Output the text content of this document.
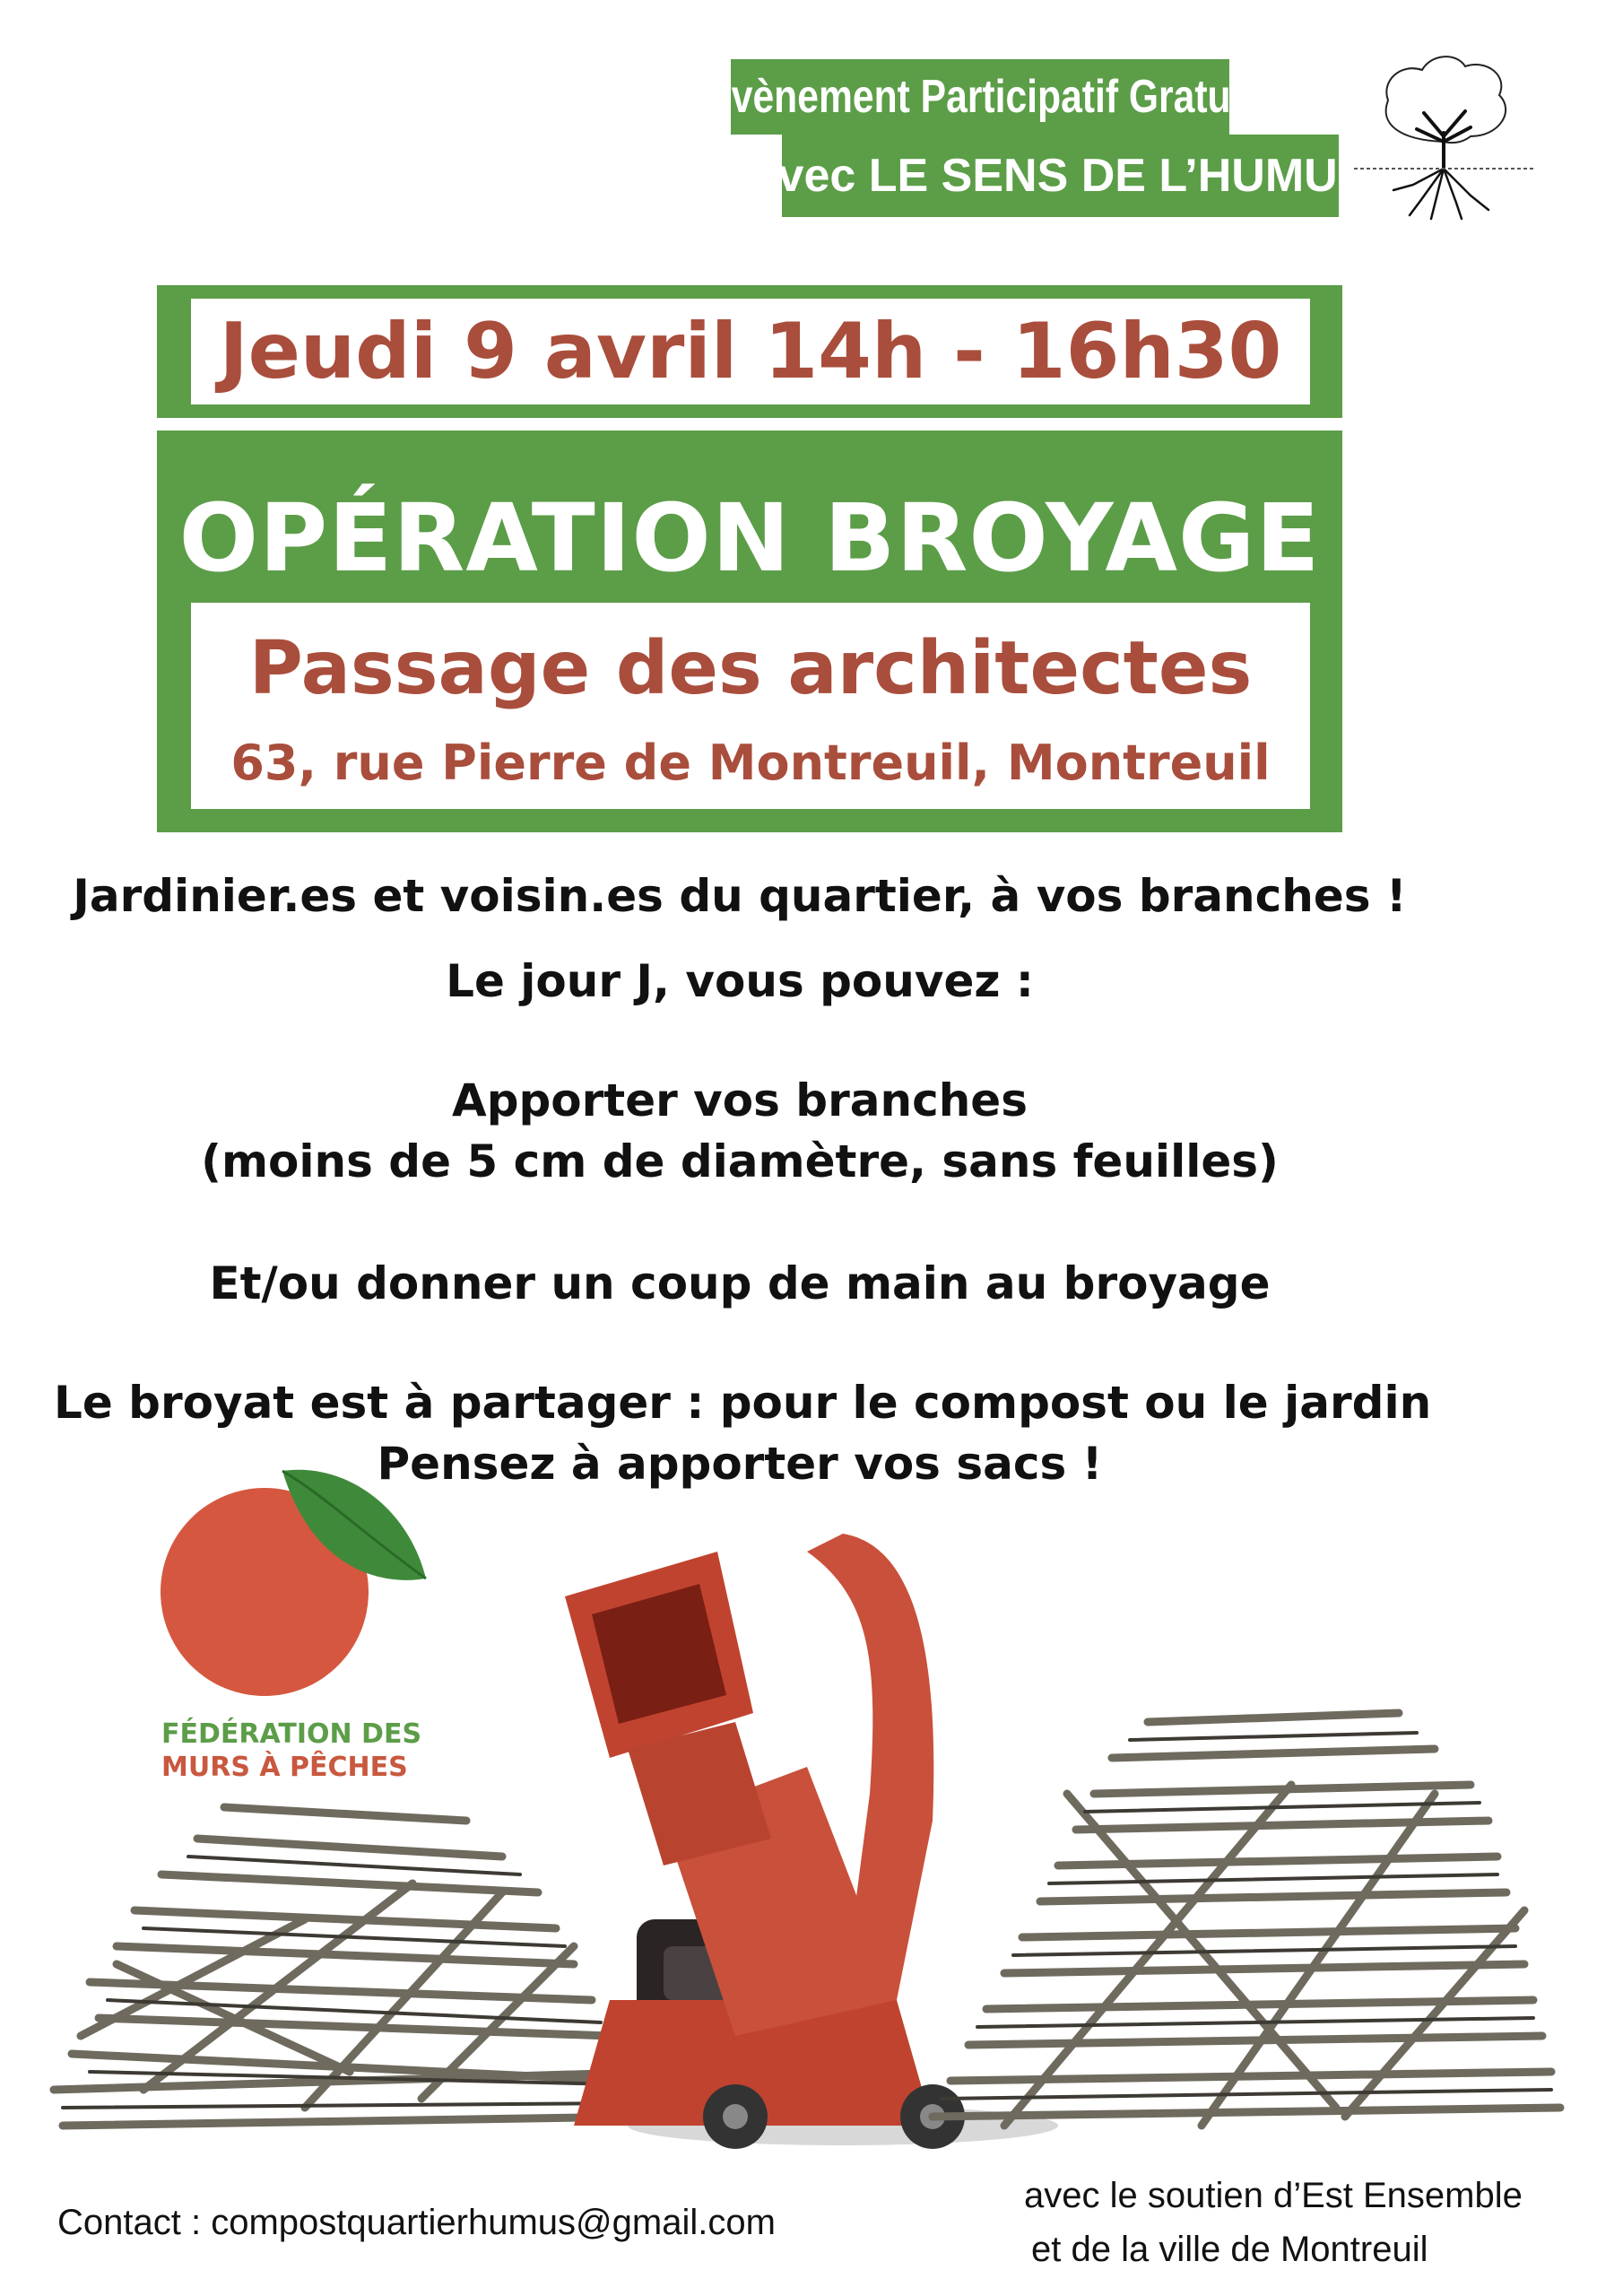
Evènement Participatif Gratuit
avec LE SENS DE L’HUMUS
Jeudi 9 avril 14h - 16h30
OPÉRATION BROYAGE
Passage des architectes
63, rue Pierre de Montreuil, Montreuil
Jardinier.es et voisin.es du quartier, à vos branches !
Le jour J, vous pouvez :
Apporter vos branches
(moins de 5 cm de diamètre, sans feuilles)
Et/ou donner un coup de main au broyage
Le broyat est à partager : pour le compost ou le jardin
Pensez à apporter vos sacs !
FÉDÉRATION DES
MURS À PÊCHES
Contact : compostquartierhumus@gmail.com
avec le soutien d’Est Ensemble
et de la ville de Montreuil
